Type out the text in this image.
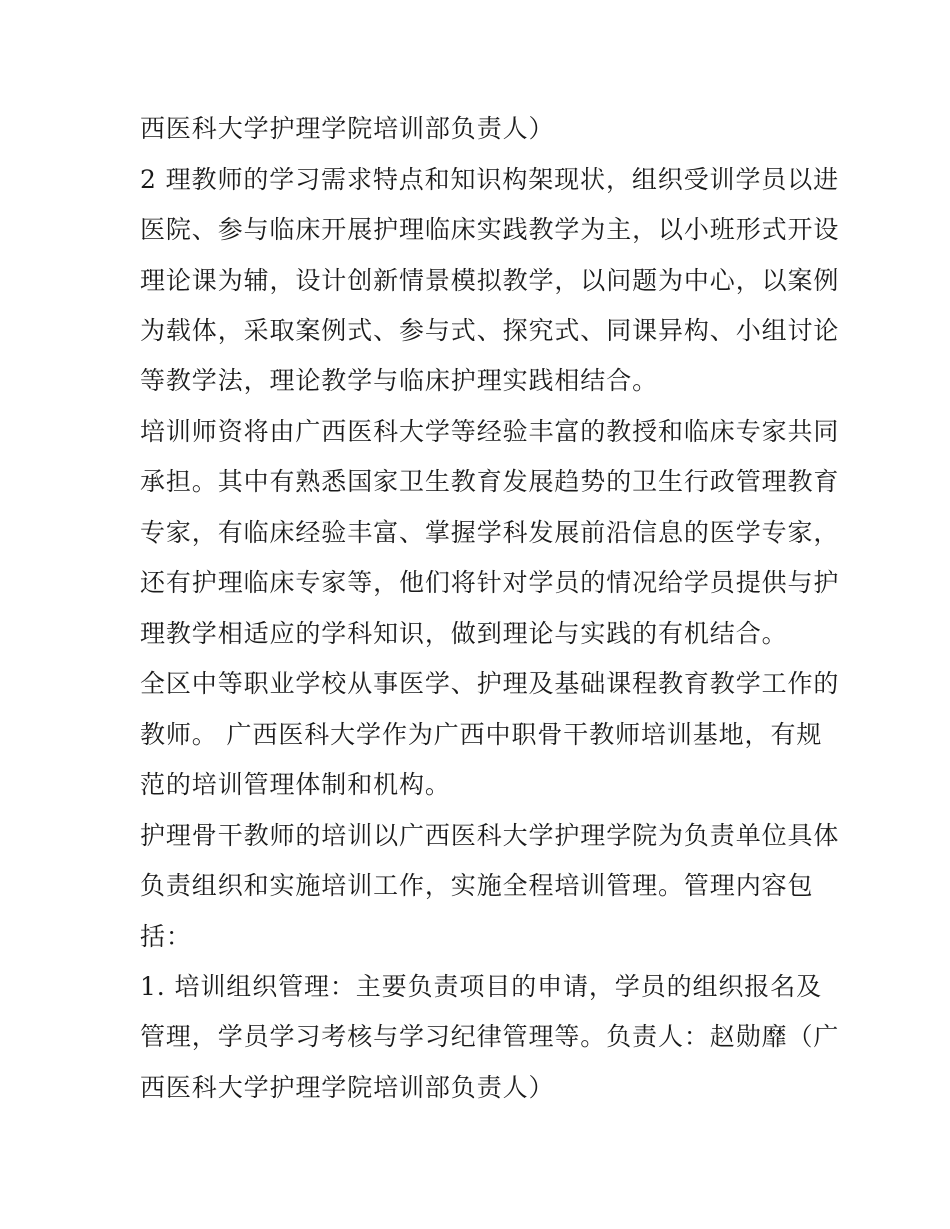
西医科大学护理学院培训部负责人）
2 理教师的学习需求特点和知识构架现状，组织受训学员以进
医院、参与临床开展护理临床实践教学为主，以小班形式开设
理论课为辅，设计创新情景模拟教学，以问题为中心，以案例
为载体，采取案例式、参与式、探究式、同课异构、小组讨论
等教学法，理论教学与临床护理实践相结合。
培训师资将由广西医科大学等经验丰富的教授和临床专家共同
承担。其中有熟悉国家卫生教育发展趋势的卫生行政管理教育
专家，有临床经验丰富、掌握学科发展前沿信息的医学专家，
还有护理临床专家等，他们将针对学员的情况给学员提供与护
理教学相适应的学科知识，做到理论与实践的有机结合。
全区中等职业学校从事医学、护理及基础课程教育教学工作的
教师。 广西医科大学作为广西中职骨干教师培训基地，有规
范的培训管理体制和机构。
护理骨干教师的培训以广西医科大学护理学院为负责单位具体
负责组织和实施培训工作，实施全程培训管理。管理内容包
括：
1. 培训组织管理：主要负责项目的申请，学员的组织报名及
管理，学员学习考核与学习纪律管理等。负责人：赵勋靡（广
西医科大学护理学院培训部负责人）
